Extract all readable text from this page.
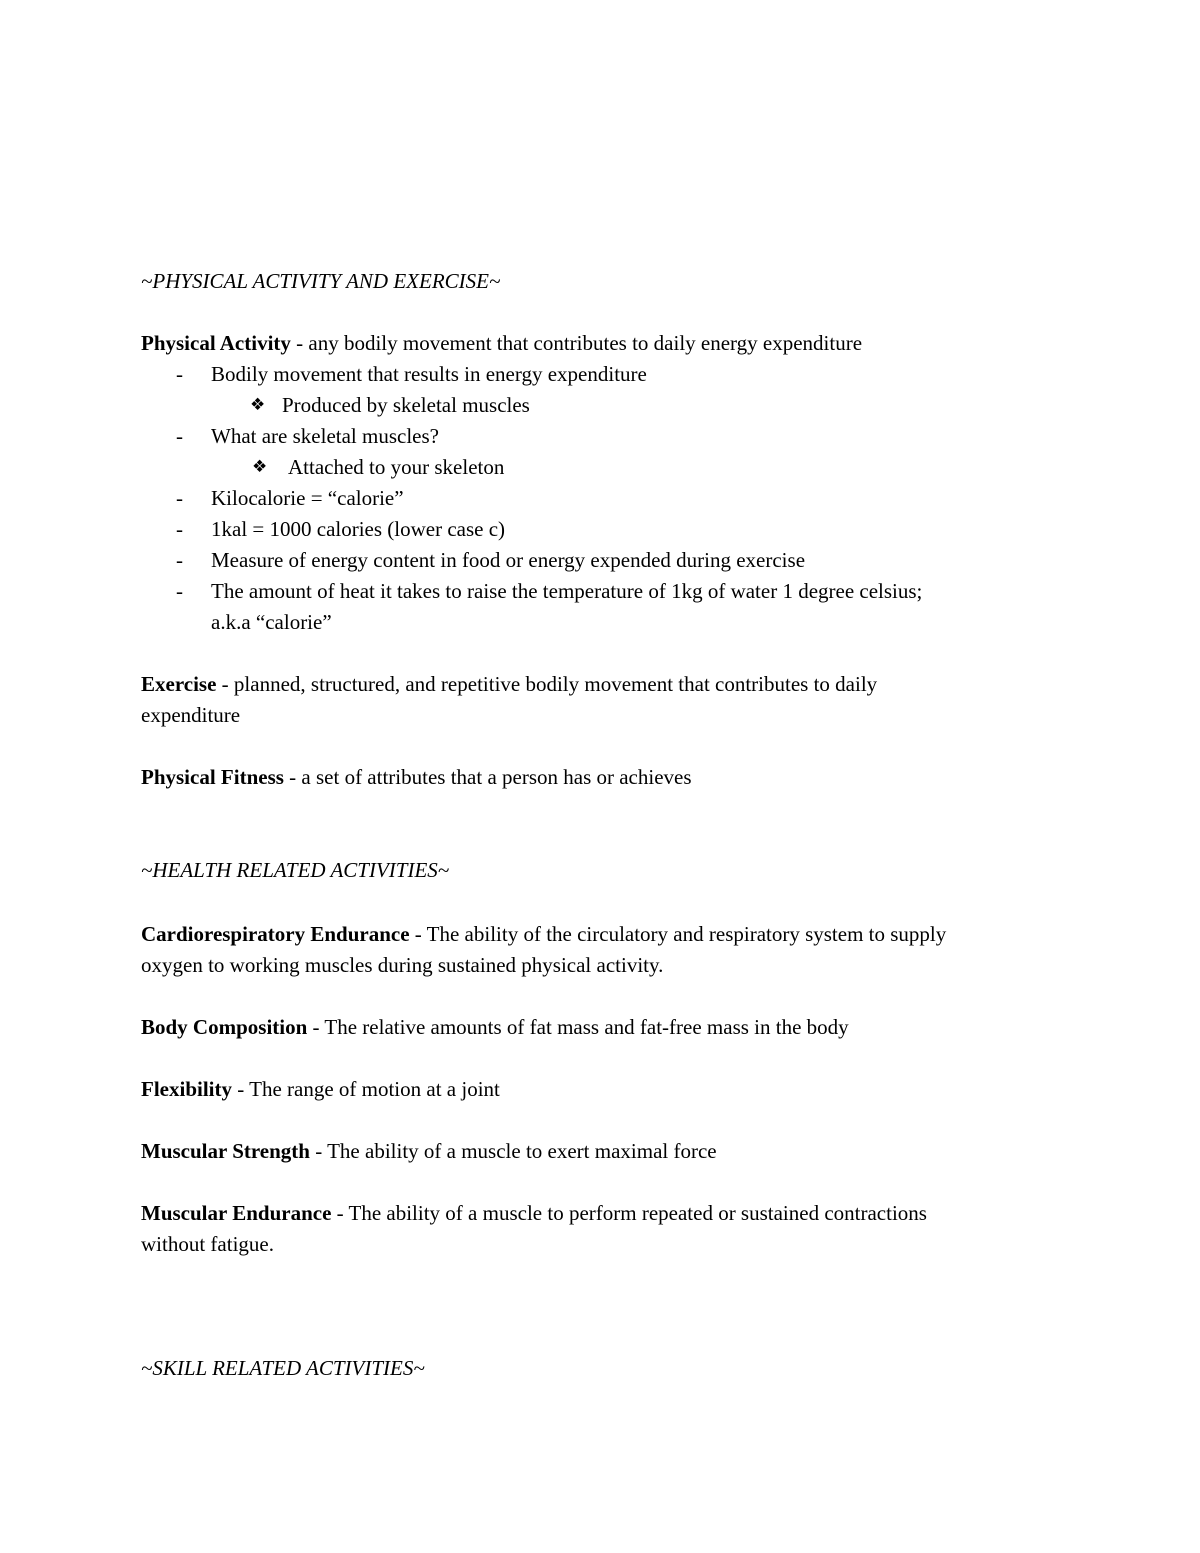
~PHYSICAL ACTIVITY AND EXERCISE~
Physical Activity - any bodily movement that contributes to daily energy expenditure
- Bodily movement that results in energy expenditure
❖ Produced by skeletal muscles
- What are skeletal muscles?
❖ Attached to your skeleton
- Kilocalorie = “calorie”
- 1kal = 1000 calories (lower case c)
- Measure of energy content in food or energy expended during exercise
- The amount of heat it takes to raise the temperature of 1kg of water 1 degree celsius;
a.k.a “calorie”
Exercise - planned, structured, and repetitive bodily movement that contributes to daily
expenditure
Physical Fitness - a set of attributes that a person has or achieves
~HEALTH RELATED ACTIVITIES~
Cardiorespiratory Endurance - The ability of the circulatory and respiratory system to supply
oxygen to working muscles during sustained physical activity.
Body Composition - The relative amounts of fat mass and fat-free mass in the body
Flexibility - The range of motion at a joint
Muscular Strength - The ability of a muscle to exert maximal force
Muscular Endurance - The ability of a muscle to perform repeated or sustained contractions
without fatigue.
~SKILL RELATED ACTIVITIES~
